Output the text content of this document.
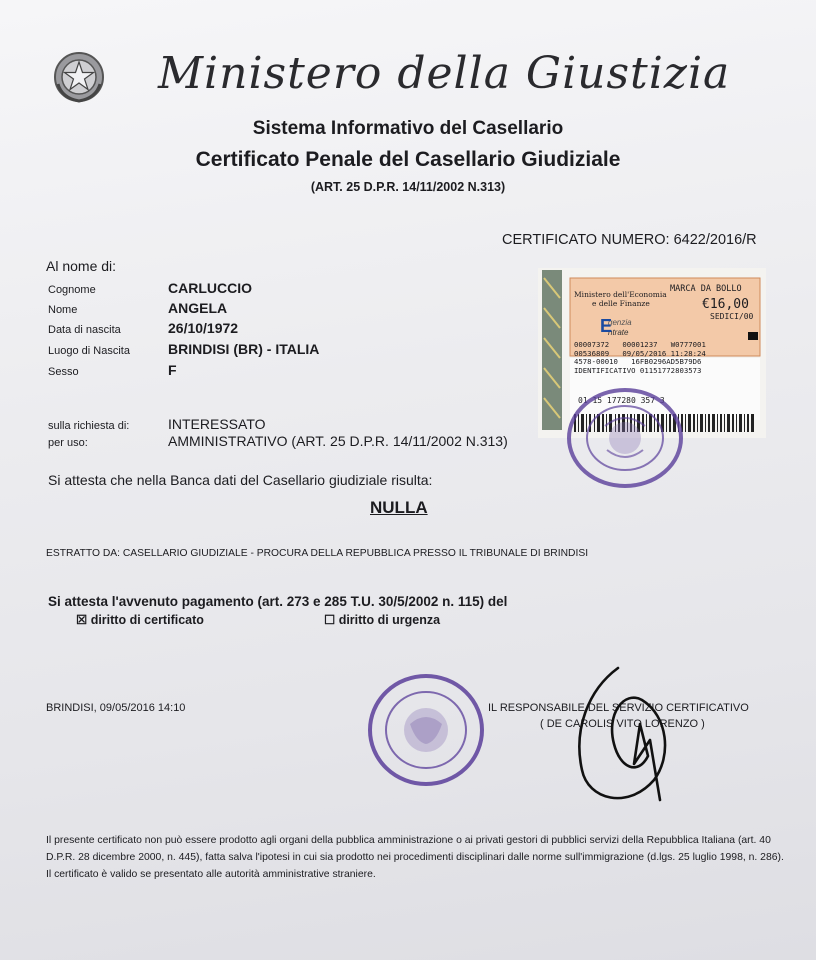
Ministero della Giustizia
Sistema Informativo del Casellario
Certificato Penale del Casellario Giudiziale
(ART. 25 D.P.R. 14/11/2002 N.313)
CERTIFICATO NUMERO: 6422/2016/R
Al nome di:
Cognome	CARLUCCIO
Nome	ANGELA
Data di nascita	26/10/1972
Luogo di Nascita	BRINDISI (BR) - ITALIA
Sesso	F
sulla richiesta di:	INTERESSATO
per uso:	AMMINISTRATIVO (ART. 25 D.P.R. 14/11/2002 N.313)
Si attesta che nella Banca dati del Casellario giudiziale risulta:
NULLA
ESTRATTO DA: CASELLARIO GIUDIZIALE - PROCURA DELLA REPUBBLICA PRESSO IL TRIBUNALE DI BRINDISI
Si attesta l'avvenuto pagamento (art. 273 e 285 T.U. 30/5/2002 n. 115) del
☒ diritto di certificato	☐ diritto di urgenza
BRINDISI, 09/05/2016 14:10	IL RESPONSABILE DEL SERVIZIO CERTIFICATIVO
( DE CAROLIS VITO LORENZO )
Ministero dell'Economia
e delle Finanze
MARCA DA BOLLO
€16,00
SEDICI/00
genzia
ntrate
E
00007372 00001237 W0777001
00536809 09/05/2016 11:28:24
4578-00010 16FB0296AD5B79D6
IDENTIFICATIVO 01151772803573
01 15 177280 357 3
Il presente certificato non può essere prodotto agli organi della pubblica amministrazione o ai privati gestori di pubblici servizi della Repubblica Italiana (art. 40 D.P.R. 28 dicembre 2000, n. 445), fatta salva l'ipotesi in cui sia prodotto nei procedimenti disciplinari dalle norme sull'immigrazione (d.lgs. 25 luglio 1998, n. 286). Il certificato è valido se presentato alle autorità amministrative straniere.
